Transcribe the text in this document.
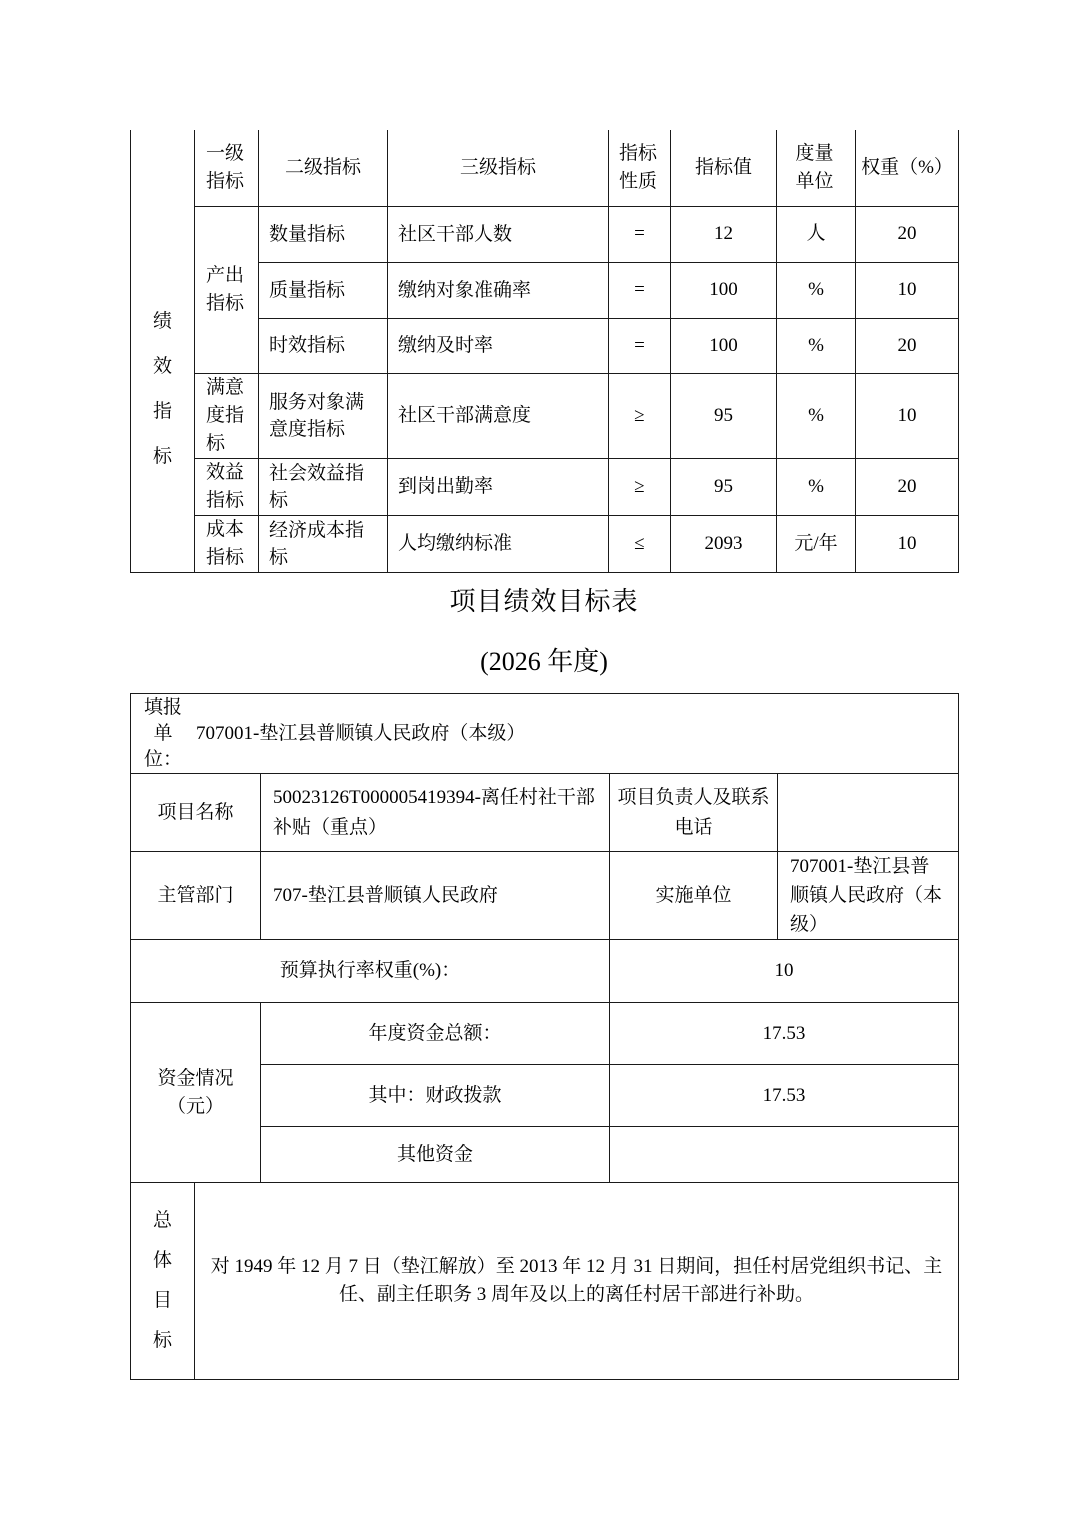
绩效指标	一级指标	二级指标	三级指标	指标性质	指标值	度量单位	权重（%）
	产出指标	数量指标	社区干部人数	=	12	人	20
		质量指标	缴纳对象准确率	=	100	%	10
		时效指标	缴纳及时率	=	100	%	20
	满意度指标	服务对象满意度指标	社区干部满意度	≥	95	%	10
	效益指标	社会效益指标	到岗出勤率	≥	95	%	20
	成本指标	经济成本指标	人均缴纳标准	≤	2093	元/年	10
项目绩效目标表
(2026 年度)
填报单位：
707001-垫江县普顺镇人民政府（本级）				

项目名称		50023126T000005419394-离任村社干部补贴（重点）	项目负责人及联系电话	
主管部门		707-垫江县普顺镇人民政府	实施单位	707001-垫江县普顺镇人民政府（本级）
预算执行率权重(%)：			10	

资金情况
（元）		年度资金总额：	17.53	
		其中：财政拨款	17.53	
		其他资金		
总体目标	对 1949 年 12 月 7 日（垫江解放）至 2013 年 12 月 31 日期间，担任村居党组织书记、主任、副主任职务 3 周年及以上的离任村居干部进行补助。			
